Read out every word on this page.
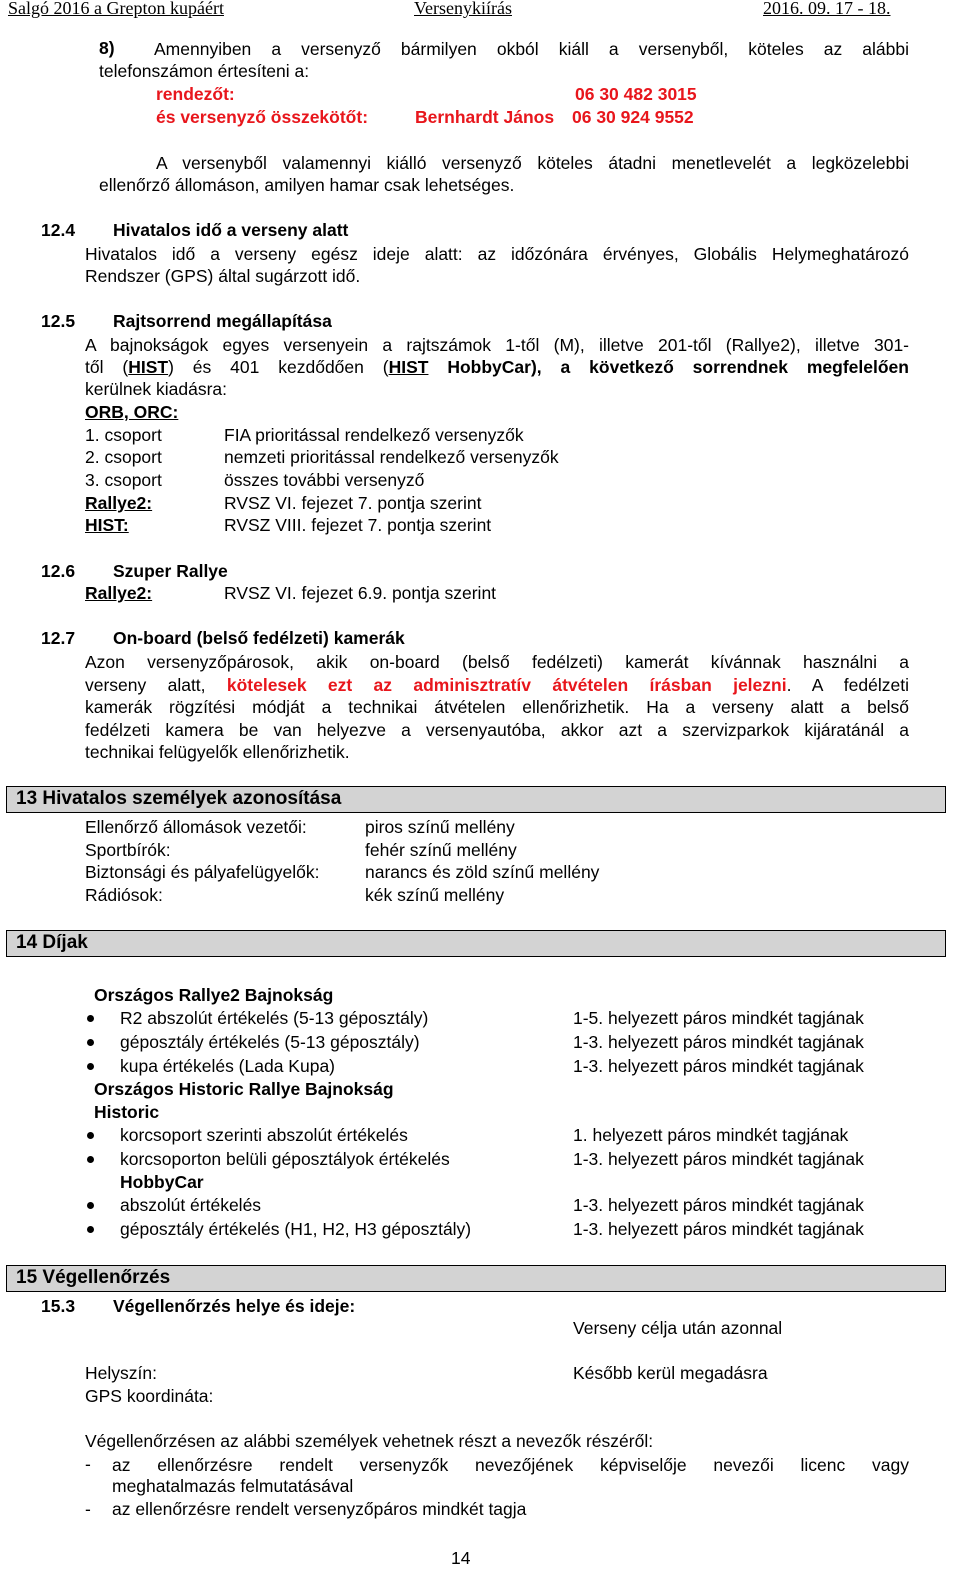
Salgó 2016 a Grepton kupáért	Versenykiírás	2016. 09. 17 - 18.
8) Amennyiben a versenyző bármilyen okból kiáll a versenyből, köteles az alábbi
telefonszámon értesíteni a:
rendezőt:	06 30 482 3015
és versenyző összekötőt:	Bernhardt János 06 30 924 9552
A versenyből valamennyi kiálló versenyző köteles átadni menetlevelét a legközelebbi
ellenőrző állomáson, amilyen hamar csak lehetséges.
12.4 Hivatalos idő a verseny alatt
Hivatalos idő a verseny egész ideje alatt: az időzónára érvényes, Globális Helymeghatározó
Rendszer (GPS) által sugárzott idő.
12.5 Rajtsorrend megállapítása
A bajnokságok egyes versenyein a rajtszámok 1-től (M), illetve 201-től (Rallye2), illetve 301-
től (HIST) és 401 kezdődően (HIST HobbyCar), a következő sorrendnek megfelelően
kerülnek kiadásra:
ORB, ORC:
1. csoport	FIA prioritással rendelkező versenyzők
2. csoport	nemzeti prioritással rendelkező versenyzők
3. csoport	összes további versenyző
Rallye2:	RVSZ VI. fejezet 7. pontja szerint
HIST:	RVSZ VIII. fejezet 7. pontja szerint
12.6 Szuper Rallye
Rallye2:	RVSZ VI. fejezet 6.9. pontja szerint
12.7 On-board (belső fedélzeti) kamerák
Azon versenyzőpárosok, akik on-board (belső fedélzeti) kamerát kívánnak használni a
verseny alatt, kötelesek ezt az adminisztratív átvételen írásban jelezni. A fedélzeti
kamerák rögzítési módját a technikai átvételen ellenőrizhetik. Ha a verseny alatt a belső
fedélzeti kamera be van helyezve a versenyautóba, akkor azt a szervizparkok kijáratánál a
technikai felügyelők ellenőrizhetik.
13 Hivatalos személyek azonosítása
Ellenőrző állomások vezetői:	piros színű mellény
Sportbírók:	fehér színű mellény
Biztonsági és pályafelügyelők:	narancs és zöld színű mellény
Rádiósok:	kék színű mellény
14 Díjak
Országos Rallye2 Bajnokság
R2 abszolút értékelés (5-13 géposztály)	1-5. helyezett páros mindkét tagjának
géposztály értékelés (5-13 géposztály)	1-3. helyezett páros mindkét tagjának
kupa értékelés (Lada Kupa)	1-3. helyezett páros mindkét tagjának
Országos Historic Rallye Bajnokság
Historic
korcsoport szerinti abszolút értékelés	1. helyezett páros mindkét tagjának
korcsoporton belüli géposztályok értékelés	1-3. helyezett páros mindkét tagjának
HobbyCar
abszolút értékelés	1-3. helyezett páros mindkét tagjának
géposztály értékelés (H1, H2, H3 géposztály)	1-3. helyezett páros mindkét tagjának
15 Végellenőrzés
15.3 Végellenőrzés helye és ideje:
Verseny célja után azonnal
Helyszín:	Később kerül megadásra
GPS koordináta:
Végellenőrzésen az alábbi személyek vehetnek részt a nevezők részéről:
- az ellenőrzésre rendelt versenyzők nevezőjének képviselője nevezői licenc vagy
meghatalmazás felmutatásával
- az ellenőrzésre rendelt versenyzőpáros mindkét tagja
14
